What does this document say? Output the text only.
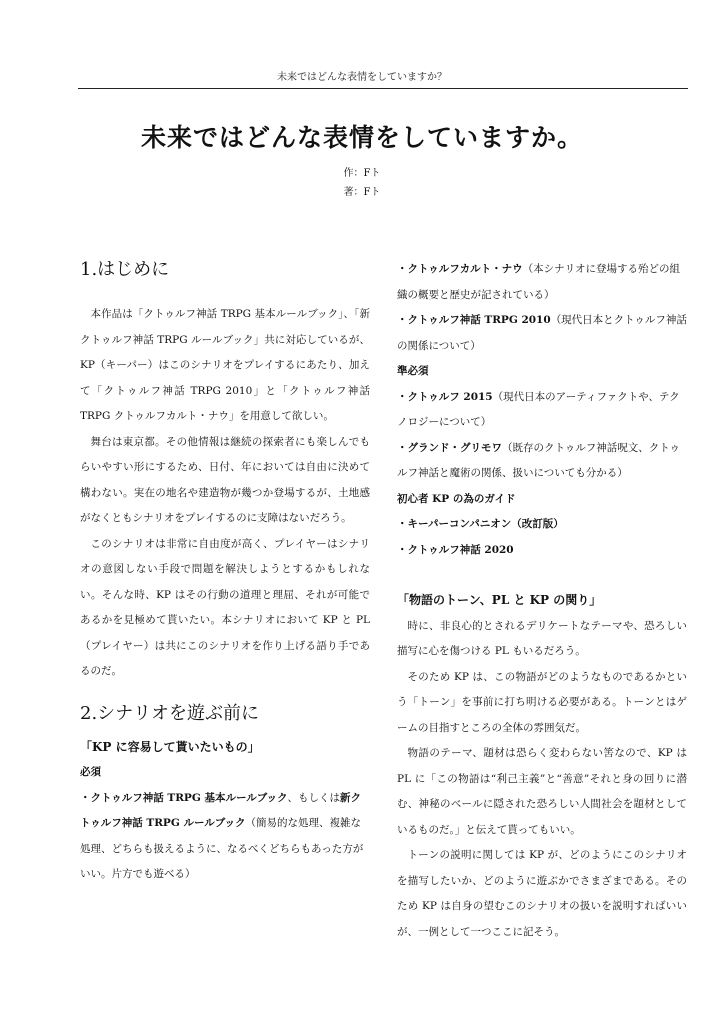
未来ではどんな表情をしていますか？
未来ではどんな表情をしていますか。
作：Fト
著：Fト

1.はじめに

本作品は「クトゥルフ神話 TRPG 基本ルールブック」、「新クトゥルフ神話 TRPG ルールブック」共に対応しているが、KP（キーパー）はこのシナリオをプレイするにあたり、加えて「クトゥルフ神話 TRPG 2010」と「クトゥルフ神話 TRPG クトゥルフカルト・ナウ」を用意して欲しい。

舞台は東京都。その他情報は継続の探索者にも楽しんでもらいやすい形にするため、日付、年においては自由に決めて構わない。実在の地名や建造物が幾つか登場するが、土地感がなくともシナリオをプレイするのに支障はないだろう。

このシナリオは非常に自由度が高く、プレイヤーはシナリオの意図しない手段で問題を解決しようとするかもしれない。そんな時、KP はその行動の道理と理屈、それが可能であるかを見極めて貰いたい。本シナリオにおいて KP と PL（プレイヤー）は共にこのシナリオを作り上げる語り手であるのだ。

2.シナリオを遊ぶ前に

「KP に容易して貰いたいもの」

必須

・クトゥルフ神話 TRPG 基本ルールブック、もしくは新クトゥルフ神話 TRPG ルールブック（簡易的な処理、複雑な処理、どちらも扱えるように、なるべくどちらもあった方がいい。片方でも遊べる）

・クトゥルフカルト・ナウ（本シナリオに登場する殆どの組織の概要と歴史が記されている）

・クトゥルフ神話 TRPG 2010（現代日本とクトゥルフ神話の関係について）

準必須

・クトゥルフ 2015（現代日本のアーティファクトや、テクノロジーについて）

・グランド・グリモワ（既存のクトゥルフ神話呪文、クトゥルフ神話と魔術の関係、扱いについても分かる）

初心者 KP の為のガイド

・キーパーコンパニオン（改訂版）

・クトゥルフ神話 2020

「物語のトーン、PL と KP の関り」

時に、非良心的とされるデリケートなテーマや、恐ろしい描写に心を傷つける PL もいるだろう。

そのため KP は、この物語がどのようなものであるかという「トーン」を事前に打ち明ける必要がある。トーンとはゲームの目指すところの全体の雰囲気だ。

物語のテーマ、題材は恐らく変わらない筈なので、KP は PL に「この物語は“利己主義”と“善意”それと身の回りに潜む、神秘のベールに隠された恐ろしい人間社会を題材としているものだ。」と伝えて貰ってもいい。

トーンの説明に関しては KP が、どのようにこのシナリオを描写したいか、どのように遊ぶかでさまざまである。そのため KP は自身の望むこのシナリオの扱いを説明すればいいが、一例として一つここに記そう。
